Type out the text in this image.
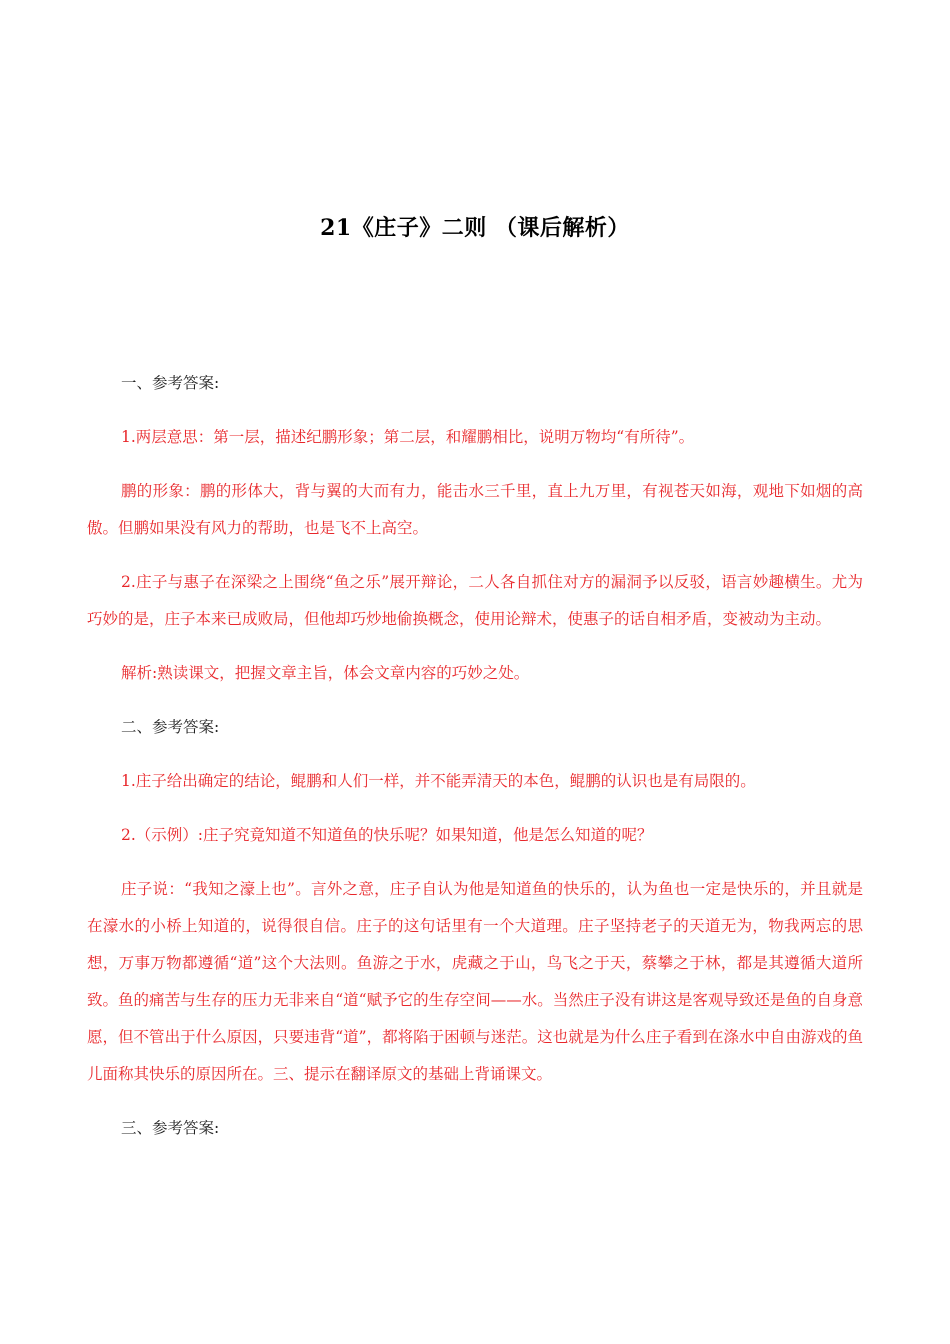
21《庄子》二则 （课后解析）

一、参考答案:

1.两层意思：第一层，描述纪鹏形象；第二层，和耀鹏相比，说明万物均“有所待”。

鹏的形象：鹏的形体大，背与翼的大而有力，能击水三千里，直上九万里，有视苍天如海，观地下如烟的高傲。但鹏如果没有风力的帮助，也是飞不上高空。

2.庄子与惠子在深梁之上围绕“鱼之乐”展开辩论，二人各自抓住对方的漏洞予以反驳，语言妙趣横生。尤为巧妙的是，庄子本来已成败局，但他却巧炒地偷换概念，使用论辩术，使惠子的话自相矛盾，变被动为主动。

解析:熟读课文，把握文章主旨，体会文章内容的巧妙之处。

二、参考答案:

1.庄子给出确定的结论，鲲鹏和人们一样，并不能弄清天的本色，鲲鹏的认识也是有局限的。

2.（示例）:庄子究竟知道不知道鱼的快乐呢？如果知道，他是怎么知道的呢？

庄子说：“我知之濠上也”。言外之意，庄子自认为他是知道鱼的快乐的，认为鱼也一定是快乐的，并且就是在濠水的小桥上知道的，说得很自信。庄子的这句话里有一个大道理。庄子坚持老子的天道无为，物我两忘的思想，万事万物都遵循“道”这个大法则。鱼游之于水，虎藏之于山，鸟飞之于天，蔡攀之于林，都是其遵循大道所致。鱼的痛苦与生存的压力无非来自“道“赋予它的生存空间——水。当然庄子没有讲这是客观导致还是鱼的自身意愿，但不管出于什么原因，只要违背“道”，都将陷于困顿与迷茫。这也就是为什么庄子看到在涤水中自由游戏的鱼儿面称其快乐的原因所在。三、提示在翻译原文的基础上背诵课文。

三、参考答案:
